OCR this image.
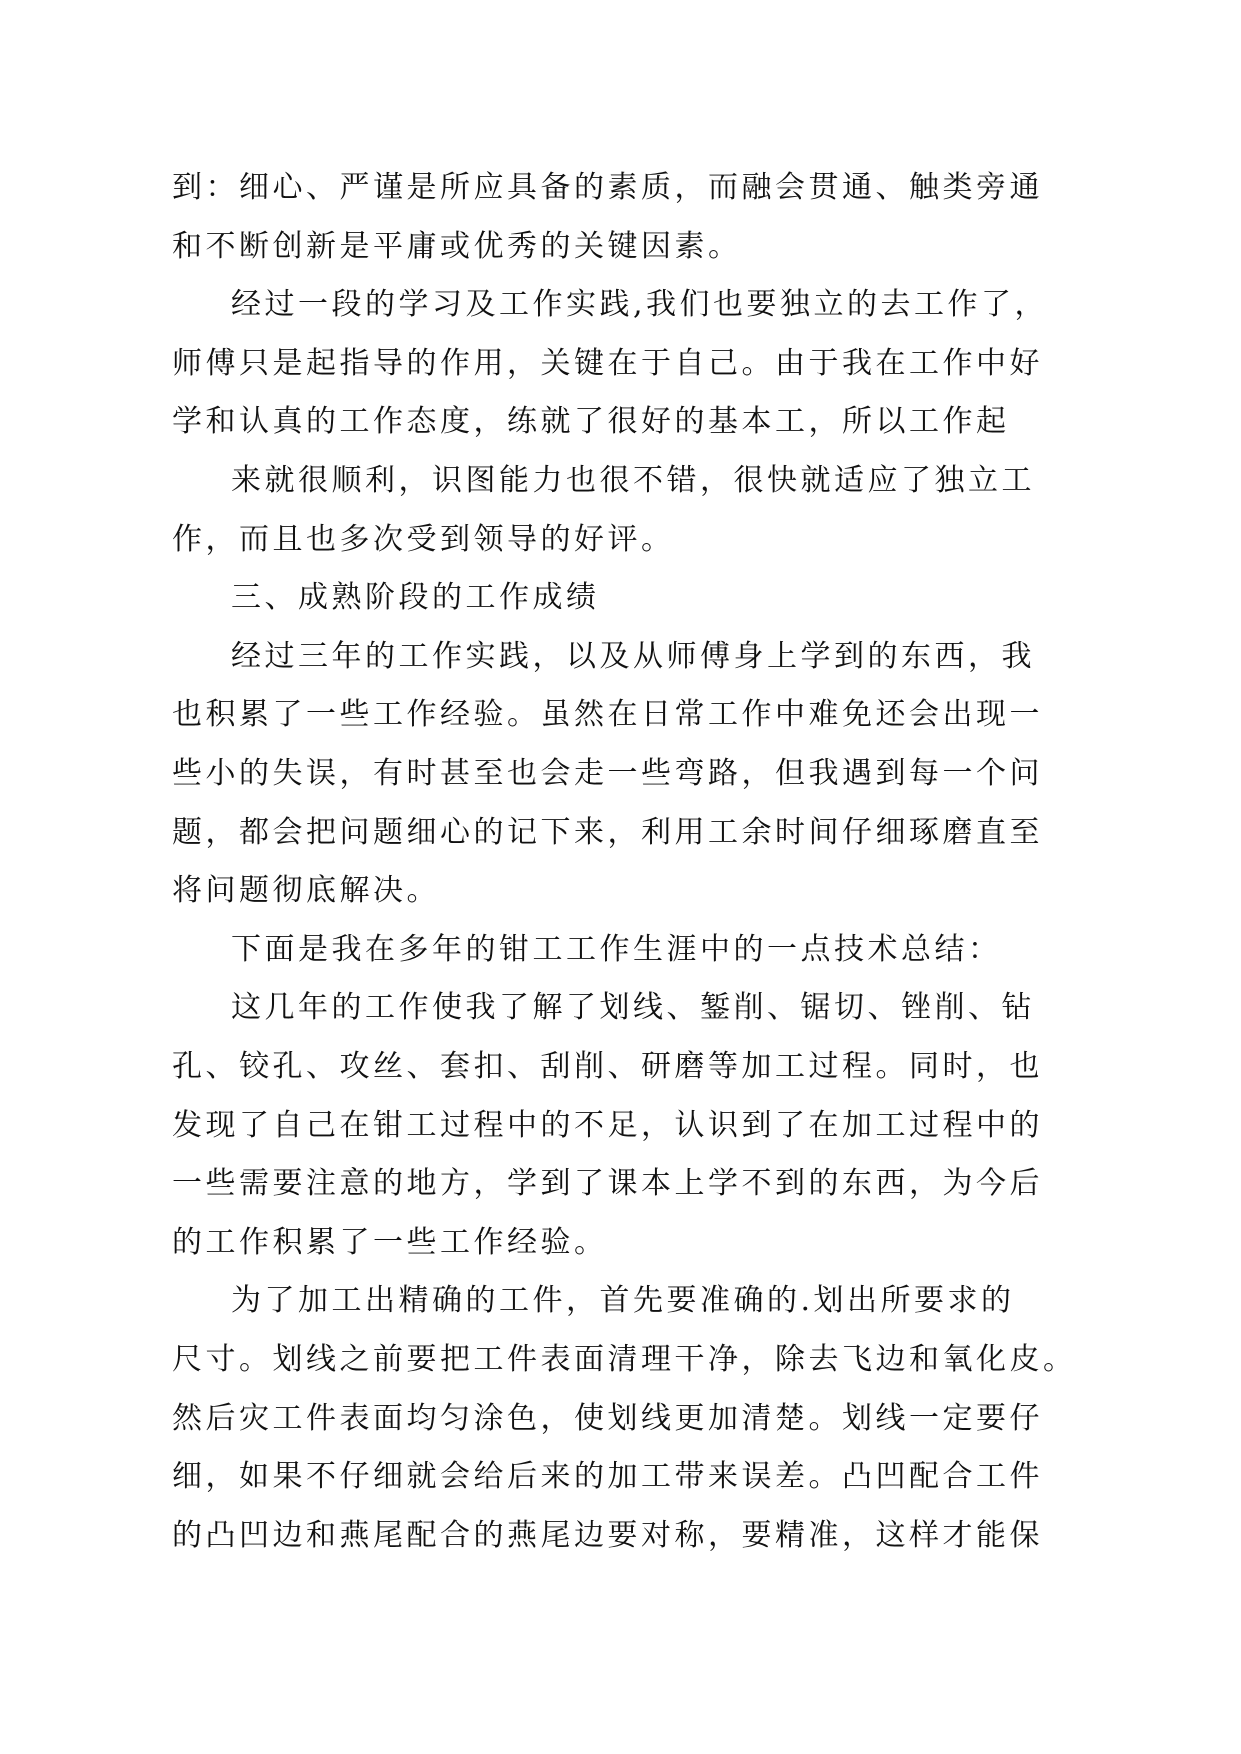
到：细心、严谨是所应具备的素质，而融会贯通、触类旁通
和不断创新是平庸或优秀的关键因素。
经过一段的学习及工作实践,我们也要独立的去工作了，
师傅只是起指导的作用，关键在于自己。由于我在工作中好
学和认真的工作态度，练就了很好的基本工，所以工作起
来就很顺利，识图能力也很不错，很快就适应了独立工
作，而且也多次受到领导的好评。
三、成熟阶段的工作成绩
经过三年的工作实践，以及从师傅身上学到的东西，我
也积累了一些工作经验。虽然在日常工作中难免还会出现一
些小的失误，有时甚至也会走一些弯路，但我遇到每一个问
题，都会把问题细心的记下来，利用工余时间仔细琢磨直至
将问题彻底解决。
下面是我在多年的钳工工作生涯中的一点技术总结：
这几年的工作使我了解了划线、錾削、锯切、锉削、钻
孔、铰孔、攻丝、套扣、刮削、研磨等加工过程。同时，也
发现了自己在钳工过程中的不足，认识到了在加工过程中的
一些需要注意的地方，学到了课本上学不到的东西，为今后
的工作积累了一些工作经验。
为了加工出精确的工件，首先要准确的.划出所要求的
尺寸。划线之前要把工件表面清理干净，除去飞边和氧化皮。
然后灾工件表面均匀涂色，使划线更加清楚。划线一定要仔
细，如果不仔细就会给后来的加工带来误差。凸凹配合工件
的凸凹边和燕尾配合的燕尾边要对称，要精准，这样才能保
